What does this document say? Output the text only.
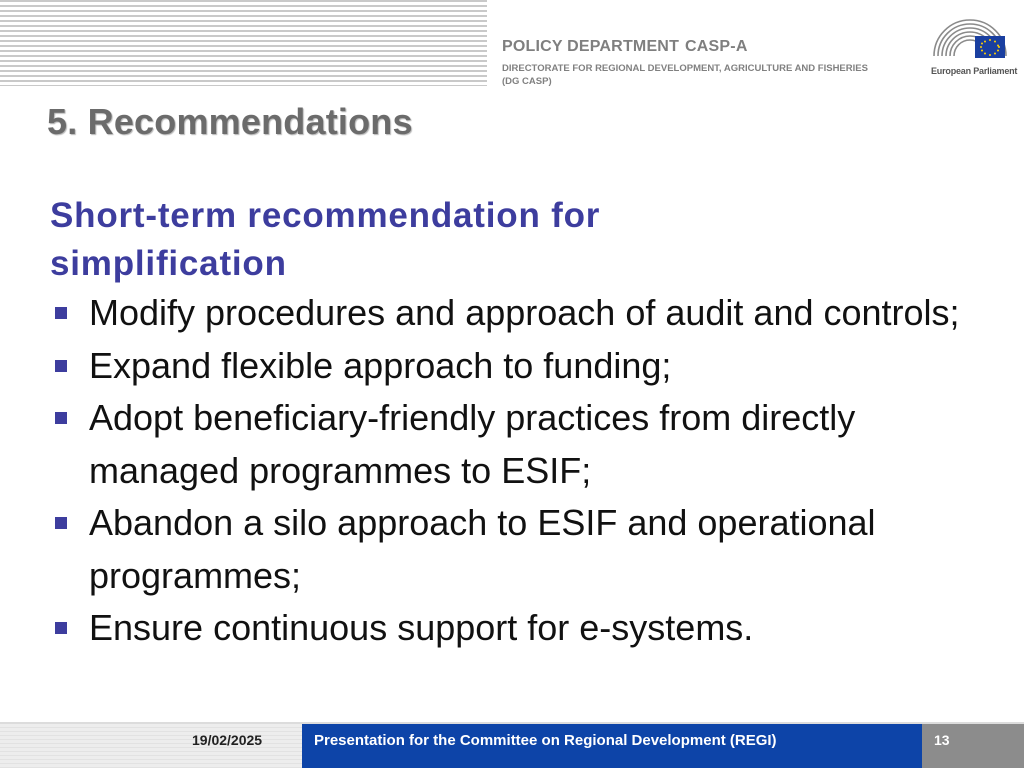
POLICY DEPARTMENT CASP-A
DIRECTORATE FOR REGIONAL DEVELOPMENT, AGRICULTURE AND FISHERIES
(DG CASP)
European Parliament
5. Recommendations
Short-term recommendation for simplification
Modify procedures and approach of audit and controls;
Expand flexible approach to funding;
Adopt beneficiary-friendly practices from directly managed programmes to ESIF;
Abandon a silo approach to ESIF and operational programmes;
Ensure continuous support for e-systems.
19/02/2025	Presentation for the Committee on Regional Development (REGI)	13
